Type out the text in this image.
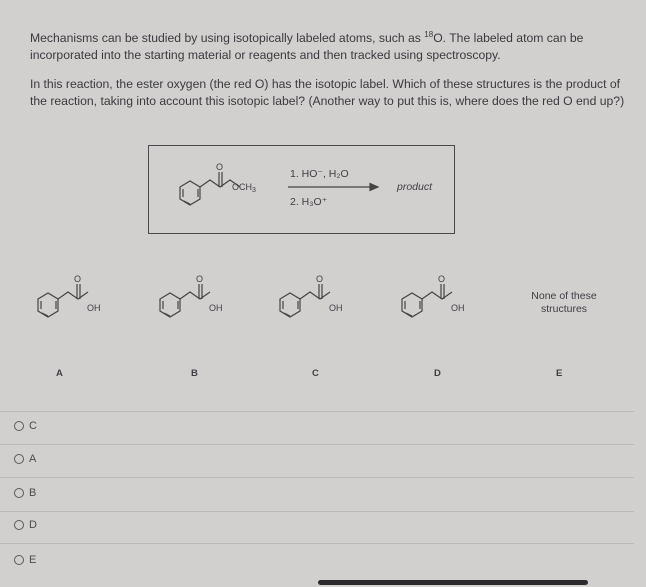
Mechanisms can be studied by using isotopically labeled atoms, such as $^{18}$O. The labeled atom can be incorporated into the starting material or reagents and then tracked using spectroscopy.
In this reaction, the ester oxygen (the red O) has the isotopic label. Which of these structures is the product of the reaction, taking into account this isotopic label? (Another way to put this is, where does the red O end up?)
O
OCH 3
1. HO⁻, H₂O
2. H₃O⁺
product
O
OH
O
OH
O
OH
O
OH
None of these structures
A	B	C	D	E
C
A
B
D
E
